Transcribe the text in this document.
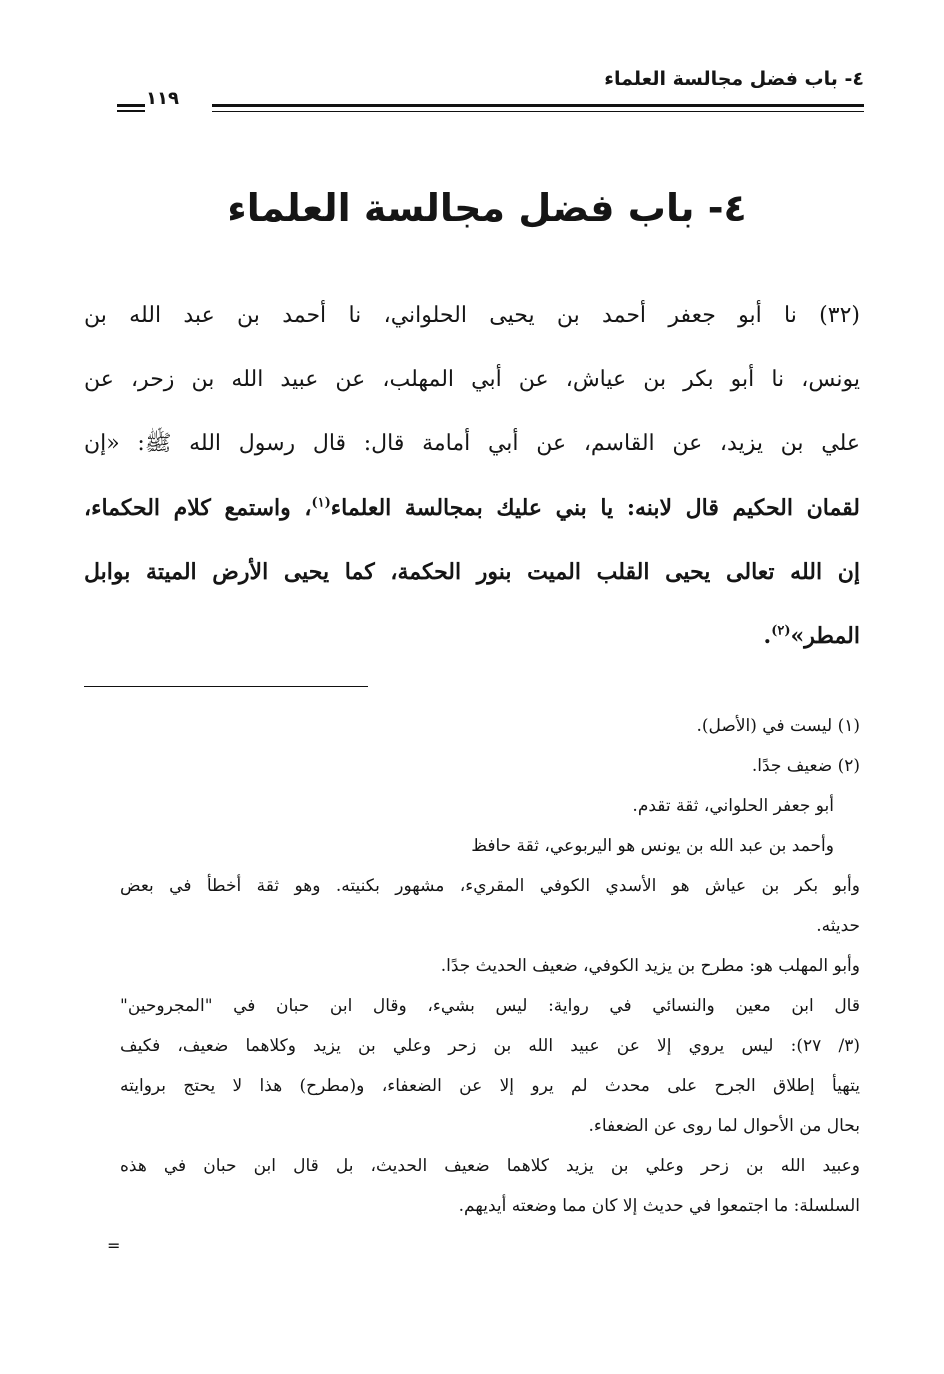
٤- باب فضل مجالسة العلماء
١١٩
٤- باب فضل مجالسة العلماء
(٣٢) نا أبو جعفر أحمد بن يحيى الحلواني، نا أحمد بن عبد الله بن
يونس، نا أبو بكر بن عياش، عن أبي المهلب، عن عبيد الله بن زحر، عن
علي بن يزيد، عن القاسم، عن أبي أمامة قال: قال رسول الله ﷺ: «إن
لقمان الحكيم قال لابنه: يا بني عليك بمجالسة العلماء$^{(١)}$، واستمع كلام الحكماء،
إن الله تعالى يحيى القلب الميت بنور الحكمة، كما يحيى الأرض الميتة بوابل
المطر»$^{(٢)}$.
(١) ليست في (الأصل).
(٢) ضعيف جدًا.
أبو جعفر الحلواني، ثقة تقدم.
وأحمد بن عبد الله بن يونس هو اليربوعي، ثقة حافظ
وأبو بكر بن عياش هو الأسدي الكوفي المقريء، مشهور بكنيته. وهو ثقة أخطأ في بعض
حديثه.
وأبو المهلب هو: مطرح بن يزيد الكوفي، ضعيف الحديث جدًا.
قال ابن معين والنسائي في رواية: ليس بشيء، وقال ابن حبان في "المجروحين"
(٣/ ٢٧): ليس يروي إلا عن عبيد الله بن زحر وعلي بن يزيد وكلاهما ضعيف، فكيف
يتهيأ إطلاق الجرح على محدث لم يرو إلا عن الضعفاء، و(مطرح) هذا لا يحتج بروايته
بحال من الأحوال لما روى عن الضعفاء.
وعبيد الله بن زحر وعلي بن يزيد كلاهما ضعيف الحديث، بل قال ابن حبان في هذه
السلسلة: ما اجتمعوا في حديث إلا كان مما وضعته أيديهم.
=
